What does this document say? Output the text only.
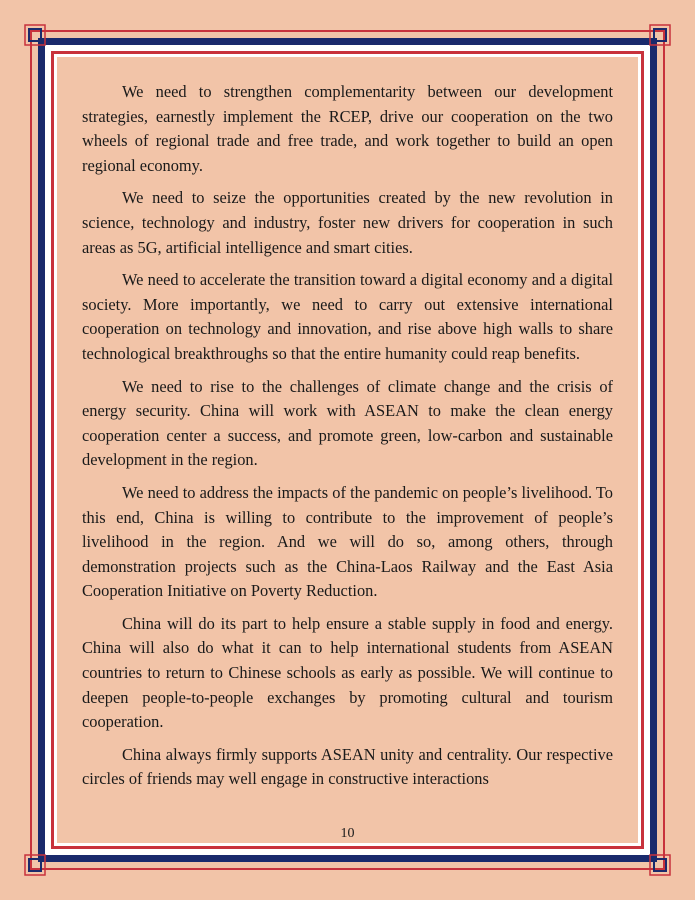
We need to strengthen complementarity between our development strategies, earnestly implement the RCEP, drive our cooperation on the two wheels of regional trade and free trade, and work together to build an open regional economy.

We need to seize the opportunities created by the new revolution in science, technology and industry, foster new drivers for cooperation in such areas as 5G, artificial intelligence and smart cities.

We need to accelerate the transition toward a digital economy and a digital society. More importantly, we need to carry out extensive international cooperation on technology and innovation, and rise above high walls to share technological breakthroughs so that the entire humanity could reap benefits.

We need to rise to the challenges of climate change and the crisis of energy security. China will work with ASEAN to make the clean energy cooperation center a success, and promote green, low-carbon and sustainable development in the region.

We need to address the impacts of the pandemic on people’s livelihood. To this end, China is willing to contribute to the improvement of people’s livelihood in the region. And we will do so, among others, through demonstration projects such as the China-Laos Railway and the East Asia Cooperation Initiative on Poverty Reduction.

China will do its part to help ensure a stable supply in food and energy. China will also do what it can to help international students from ASEAN countries to return to Chinese schools as early as possible. We will continue to deepen people-to-people exchanges by promoting cultural and tourism cooperation.

China always firmly supports ASEAN unity and centrality. Our respective circles of friends may well engage in constructive interactions

10
